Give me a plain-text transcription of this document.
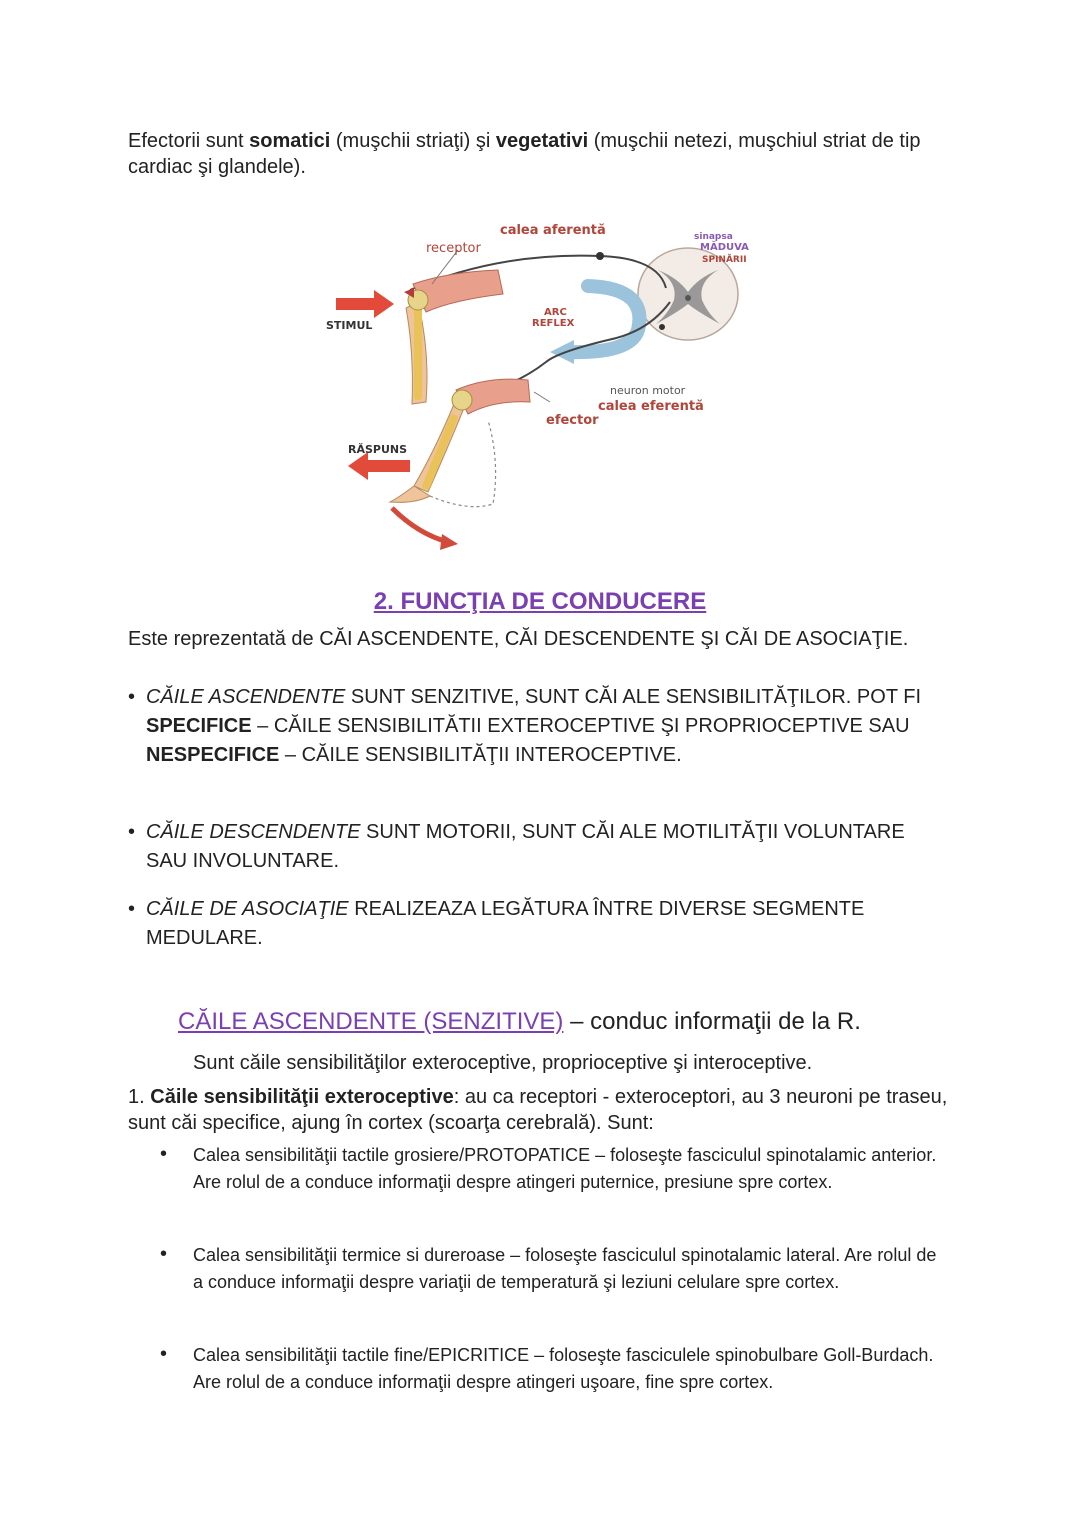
Efectorii sunt somatici (muşchii striaţi) şi vegetativi (muşchii netezi, muşchiul striat de tip cardiac şi glandele).
receptor
calea aferentă	sinapsa
MĂDUVA
SPINĂRII
STIMUL
ARC
REFLEX
neuron motor
calea eferentă
efector
RĂSPUNS
2. FUNCŢIA DE CONDUCERE
Este reprezentată de CĂI ASCENDENTE, CĂI DESCENDENTE ŞI CĂI DE ASOCIAŢIE.
• CĂILE ASCENDENTE SUNT SENZITIVE, SUNT CĂI ALE SENSIBILITĂŢILOR. POT FI SPECIFICE – CĂILE SENSIBILITĂTII EXTEROCEPTIVE ŞI PROPRIOCEPTIVE SAU NESPECIFICE – CĂILE SENSIBILITĂŢII INTEROCEPTIVE.
• CĂILE DESCENDENTE SUNT MOTORII, SUNT CĂI ALE MOTILITĂŢII VOLUNTARE SAU INVOLUNTARE.
• CĂILE DE ASOCIAŢIE REALIZEAZA LEGĂTURA ÎNTRE DIVERSE SEGMENTE MEDULARE.
CĂILE ASCENDENTE (SENZITIVE) – conduc informaţii de la R.
Sunt căile sensibilităţilor exteroceptive, proprioceptive şi interoceptive.
1. Căile sensibilităţii exteroceptive: au ca receptori - exteroceptori, au 3 neuroni pe traseu, sunt căi specifice, ajung în cortex (scoarţa cerebrală). Sunt:
• Calea sensibilităţii tactile grosiere/PROTOPATICE – foloseşte fasciculul spinotalamic anterior. Are rolul de a conduce informaţii despre atingeri puternice, presiune spre cortex.
• Calea sensibilităţii termice si dureroase – foloseşte fasciculul spinotalamic lateral. Are rolul de a conduce informaţii despre variaţii de temperatură şi leziuni celulare spre cortex.
• Calea sensibilităţii tactile fine/EPICRITICE – foloseşte fasciculele spinobulbare Goll-Burdach. Are rolul de a conduce informaţii despre atingeri uşoare, fine spre cortex.
